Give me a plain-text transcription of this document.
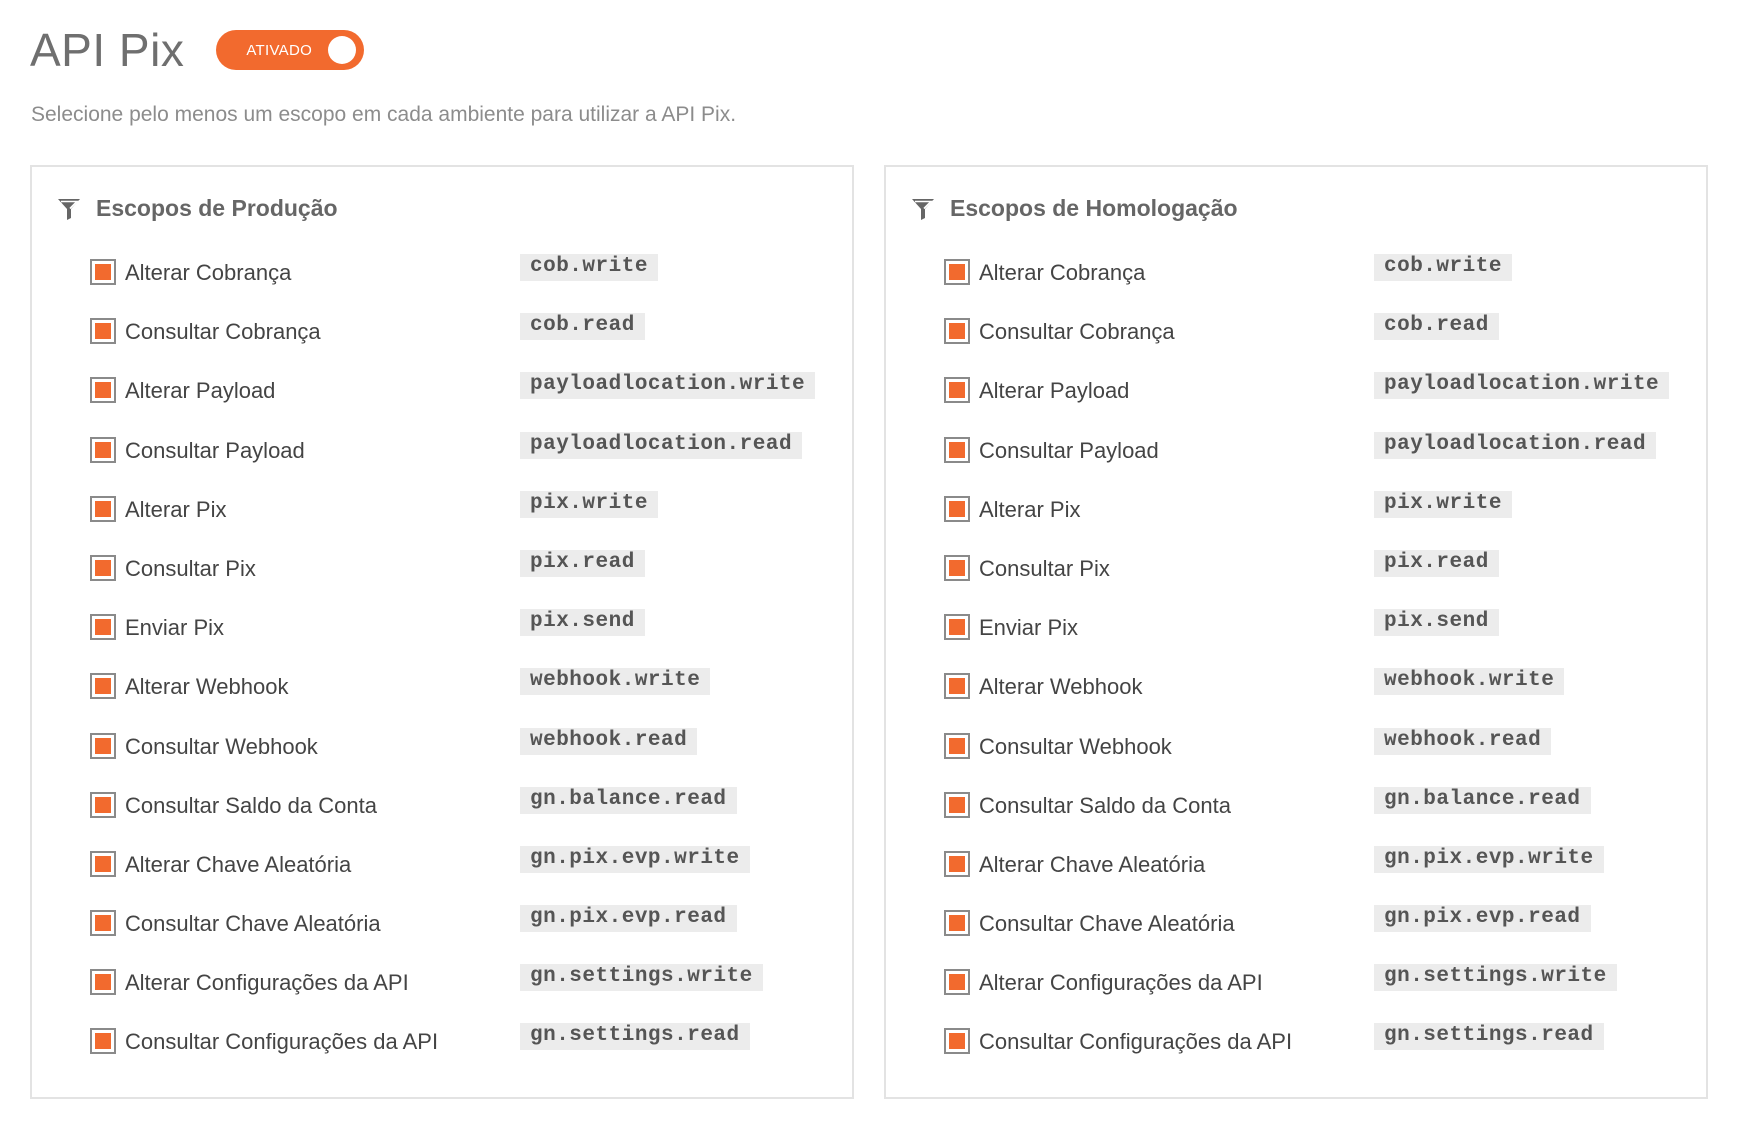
API Pix	ATIVADO
Selecione pelo menos um escopo em cada ambiente para utilizar a API Pix.
Escopos de Produção
Alterar Cobrança	cob.write
Consultar Cobrança	cob.read
Alterar Payload	payloadlocation.write
Consultar Payload	payloadlocation.read
Alterar Pix	pix.write
Consultar Pix	pix.read
Enviar Pix	pix.send
Alterar Webhook	webhook.write
Consultar Webhook	webhook.read
Consultar Saldo da Conta	gn.balance.read
Alterar Chave Aleatória	gn.pix.evp.write
Consultar Chave Aleatória	gn.pix.evp.read
Alterar Configurações da API	gn.settings.write
Consultar Configurações da API	gn.settings.read
Escopos de Homologação
Alterar Cobrança	cob.write
Consultar Cobrança	cob.read
Alterar Payload	payloadlocation.write
Consultar Payload	payloadlocation.read
Alterar Pix	pix.write
Consultar Pix	pix.read
Enviar Pix	pix.send
Alterar Webhook	webhook.write
Consultar Webhook	webhook.read
Consultar Saldo da Conta	gn.balance.read
Alterar Chave Aleatória	gn.pix.evp.write
Consultar Chave Aleatória	gn.pix.evp.read
Alterar Configurações da API	gn.settings.write
Consultar Configurações da API	gn.settings.read
